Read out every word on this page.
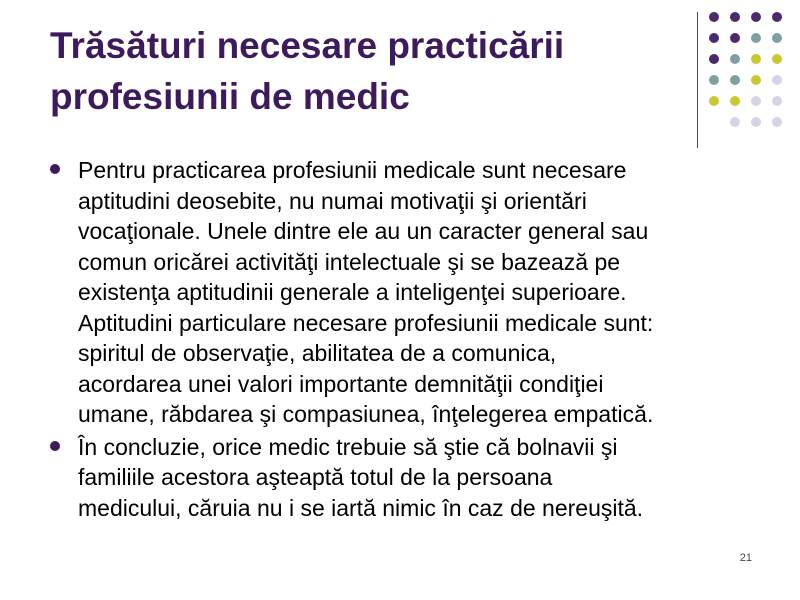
Trăsături necesare practicării
profesiunii de medic
Pentru practicarea profesiunii medicale sunt necesare
aptitudini deosebite, nu numai motivaţii şi orientări
vocaţionale. Unele dintre ele au un caracter general sau
comun oricărei activităţi intelectuale şi se bazează pe
existenţa aptitudinii generale a inteligenţei superioare.
Aptitudini particulare necesare profesiunii medicale sunt:
spiritul de observaţie, abilitatea de a comunica,
acordarea unei valori importante demnităţii condiţiei
umane, răbdarea şi compasiunea, înţelegerea empatică.
În concluzie, orice medic trebuie să ştie că bolnavii şi
familiile acestora aşteaptă totul de la persoana
medicului, căruia nu i se iartă nimic în caz de nereuşită.
21
